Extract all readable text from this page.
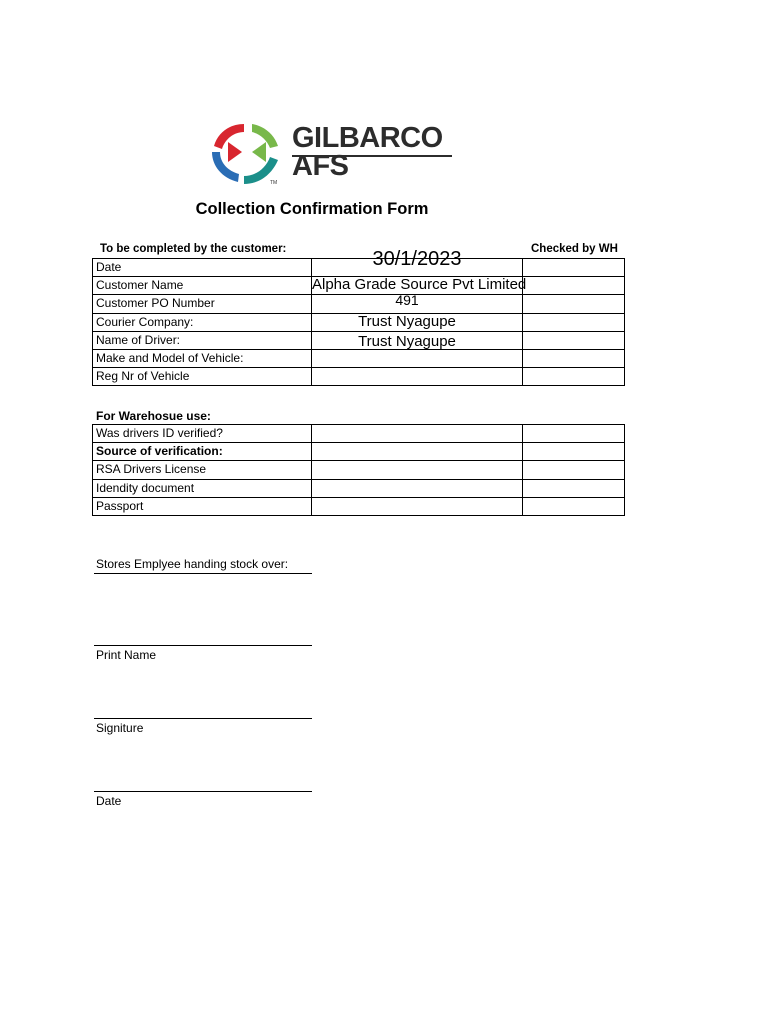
TM
GILBARCO
AFS
Collection Confirmation Form
To be completed by the customer:	Checked by WH
Date	30/1/2023	

Customer Name	Alpha Grade Source Pvt Limited	

Customer PO Number	491	

Courier Company:	Trust Nyagupe	

Name of Driver:	Trust Nyagupe	

Make and Model of Vehicle:		
Reg Nr of Vehicle		
For Warehosue use:
Was drivers ID verified?		
Source of verification:		
RSA Drivers License		
Idendity document		
Passport		
Stores Emplyee handing stock over:
Print Name
Signiture
Date
